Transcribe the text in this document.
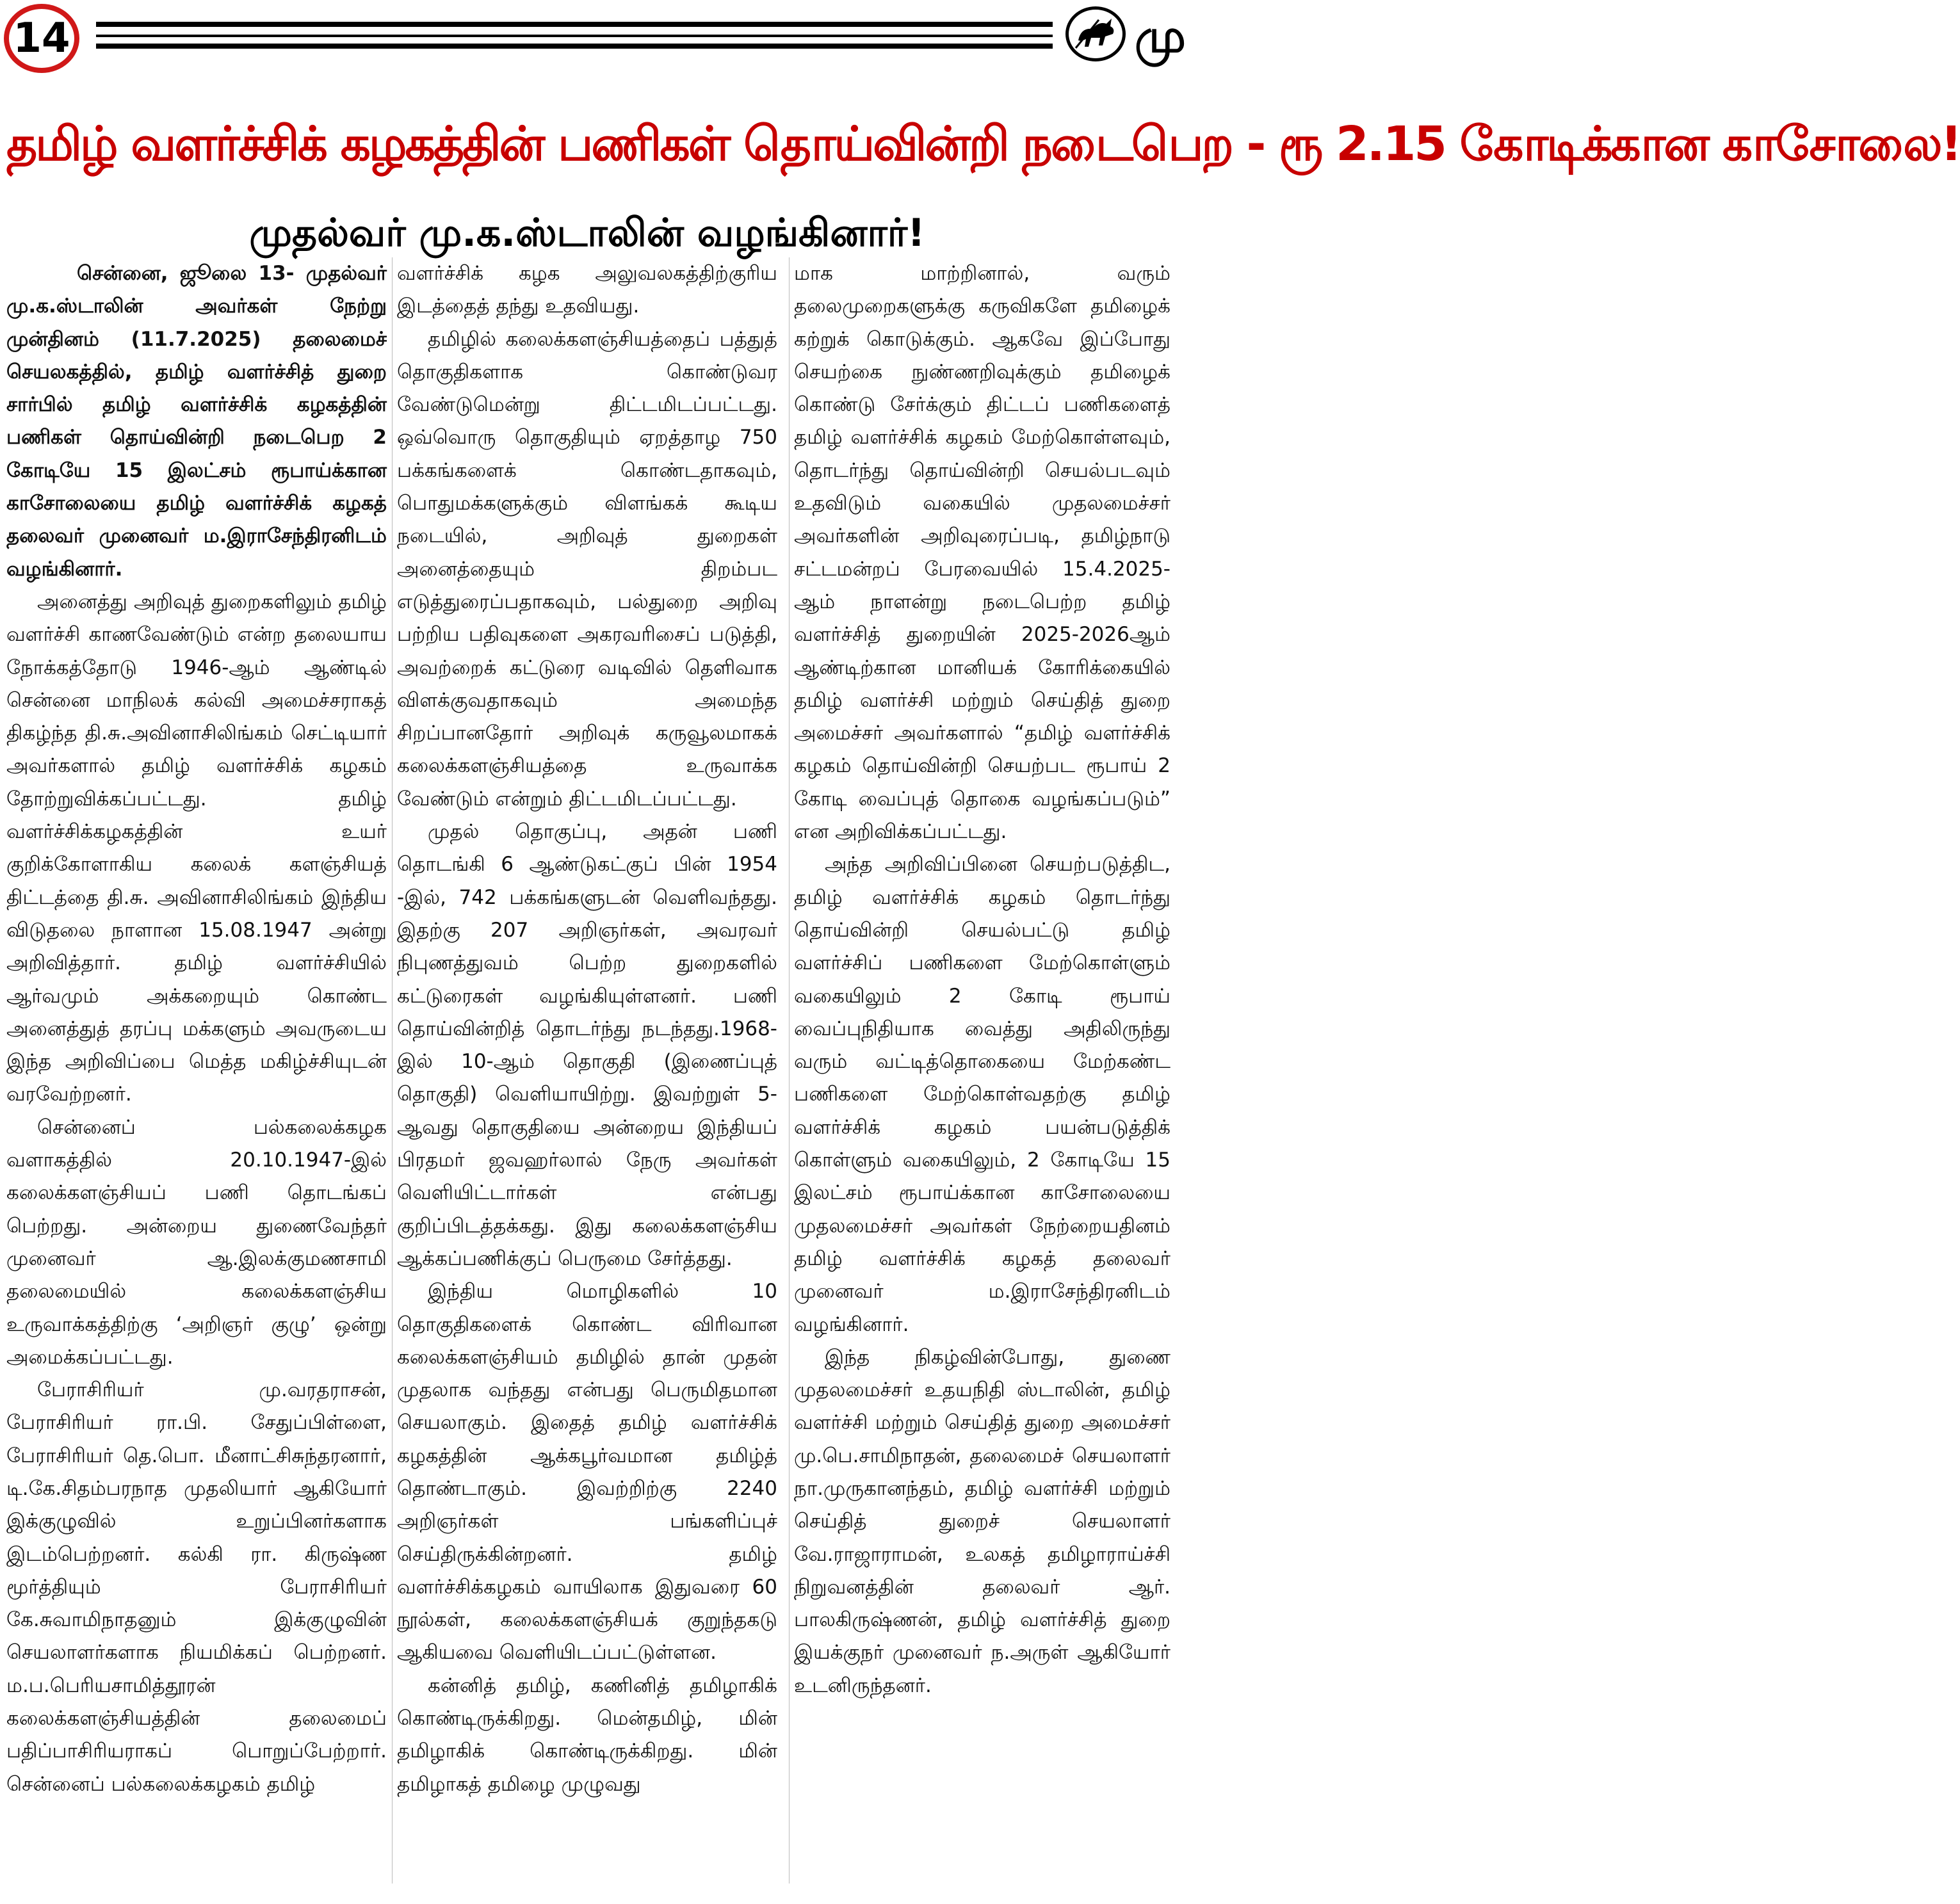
14	மு
தமிழ் வளர்ச்சிக் கழகத்தின் பணிகள் தொய்வின்றி நடைபெற - ரூ 2.15 கோடிக்கான காசோலை!
முதல்வர் மு.க.ஸ்டாலின் வழங்கினார்!

சென்னை, ஜூலை 13- முதல்வர் மு.க.ஸ்டாலின் அவர்கள் நேற்று முன்தினம் (11.7.2025) தலைமைச் செயலகத்தில், தமிழ் வளர்ச்சித் துறை சார்பில் தமிழ் வளர்ச்சிக் கழகத்தின் பணிகள் தொய்வின்றி நடைபெற 2 கோடியே 15 இலட்சம் ரூபாய்க்கான காசோலையை தமிழ் வளர்ச்சிக் கழகத் தலைவர் முனைவர் ம.இராசேந்திரனிடம் வழங்கினார்.

அனைத்து அறிவுத் துறைகளிலும் தமிழ் வளர்ச்சி காணவேண்டும் என்ற தலையாய நோக்கத்தோடு 1946-ஆம் ஆண்டில் சென்னை மாநிலக் கல்வி அமைச்சராகத் திகழ்ந்த தி.சு.அவினாசிலிங்கம் செட்டியார் அவர்களால் தமிழ் வளர்ச்சிக் கழகம் தோற்றுவிக்கப்பட்டது. தமிழ் வளர்ச்சிக்கழகத்தின் உயர் குறிக்கோளாகிய கலைக் களஞ்சியத் திட்டத்தை தி.சு. அவினாசிலிங்கம் இந்திய விடுதலை நாளான 15.08.1947 அன்று அறிவித்தார். தமிழ் வளர்ச்சியில் ஆர்வமும் அக்கறையும் கொண்ட அனைத்துத் தரப்பு மக்களும் அவருடைய இந்த அறிவிப்பை மெத்த மகிழ்ச்சியுடன் வரவேற்றனர்.

சென்னைப் பல்கலைக்கழக வளாகத்தில் 20.10.1947-இல் கலைக்களஞ்சியப் பணி தொடங்கப் பெற்றது. அன்றைய துணைவேந்தர் முனைவர் ஆ.இலக்குமணசாமி தலைமையில் கலைக்களஞ்சிய உருவாக்கத்திற்கு ‘அறிஞர் குழு’ ஒன்று அமைக்கப்பட்டது.

பேராசிரியர் மு.வரதராசன், பேராசிரியர் ரா.பி. சேதுப்பிள்ளை, பேராசிரியர் தெ.பொ. மீனாட்சிசுந்தரனார், டி.கே.சிதம்பரநாத முதலியார் ஆகியோர் இக்குழுவில் உறுப்பினர்களாக இடம்பெற்றனர். கல்கி ரா. கிருஷ்ண மூர்த்தியும் பேராசிரியர் கே.சுவாமிநாதனும் இக்குழுவின் செயலாளர்களாக நியமிக்கப் பெற்றனர். ம.ப.பெரியசாமித்தூரன் கலைக்களஞ்சியத்தின் தலைமைப் பதிப்பாசிரியராகப் பொறுப்பேற்றார். சென்னைப் பல்கலைக்கழகம் தமிழ்

வளர்ச்சிக் கழக அலுவலகத்திற்குரிய இடத்தைத் தந்து உதவியது.

தமிழில் கலைக்களஞ்சியத்தைப் பத்துத் தொகுதிகளாக கொண்டுவர வேண்டுமென்று திட்டமிடப்பட்டது. ஒவ்வொரு தொகுதியும் ஏறத்தாழ 750 பக்கங்களைக் கொண்டதாகவும், பொதுமக்களுக்கும் விளங்கக் கூடிய நடையில், அறிவுத் துறைகள் அனைத்தையும் திறம்பட எடுத்துரைப்பதாகவும், பல்துறை அறிவு பற்றிய பதிவுகளை அகரவரிசைப் படுத்தி, அவற்றைக் கட்டுரை வடிவில் தெளிவாக விளக்குவதாகவும் அமைந்த சிறப்பானதோர் அறிவுக் கருவூலமாகக் கலைக்களஞ்சியத்தை உருவாக்க வேண்டும் என்றும் திட்டமிடப்பட்டது.

முதல் தொகுப்பு, அதன் பணி தொடங்கி 6 ஆண்டுகட்குப் பின் 1954 -இல், 742 பக்கங்களுடன் வெளிவந்தது. இதற்கு 207 அறிஞர்கள், அவரவர் நிபுணத்துவம் பெற்ற துறைகளில் கட்டுரைகள் வழங்கியுள்ளனர். பணி தொய்வின்றித் தொடர்ந்து நடந்தது.1968-இல் 10-ஆம் தொகுதி (இணைப்புத் தொகுதி) வெளியாயிற்று. இவற்றுள் 5-ஆவது தொகுதியை அன்றைய இந்தியப் பிரதமர் ஜவஹர்லால் நேரு அவர்கள் வெளியிட்டார்கள் என்பது குறிப்பிடத்தக்கது. இது கலைக்களஞ்சிய ஆக்கப்பணிக்குப் பெருமை சேர்த்தது.

இந்திய மொழிகளில் 10 தொகுதிகளைக் கொண்ட விரிவான கலைக்களஞ்சியம் தமிழில் தான் முதன் முதலாக வந்தது என்பது பெருமிதமான செயலாகும். இதைத் தமிழ் வளர்ச்சிக் கழகத்தின் ஆக்கபூர்வமான தமிழ்த் தொண்டாகும். இவற்றிற்கு 2240 அறிஞர்கள் பங்களிப்புச் செய்திருக்கின்றனர். தமிழ் வளர்ச்சிக்கழகம் வாயிலாக இதுவரை 60 நூல்கள், கலைக்களஞ்சியக் குறுந்தகடு ஆகியவை வெளியிடப்பட்டுள்ளன.

கன்னித் தமிழ், கணினித் தமிழாகிக் கொண்டிருக்கிறது. மென்தமிழ், மின் தமிழாகிக் கொண்டிருக்கிறது. மின் தமிழாகத் தமிழை முழுவது

மாக மாற்றினால், வரும் தலைமுறைகளுக்கு கருவிகளே தமிழைக் கற்றுக் கொடுக்கும். ஆகவே இப்போது செயற்கை நுண்ணறிவுக்கும் தமிழைக் கொண்டு சேர்க்கும் திட்டப் பணிகளைத் தமிழ் வளர்ச்சிக் கழகம் மேற்கொள்ளவும், தொடர்ந்து தொய்வின்றி செயல்படவும் உதவிடும் வகையில் முதலமைச்சர் அவர்களின் அறிவுரைப்படி, தமிழ்நாடு சட்டமன்றப் பேரவையில் 15.4.2025-ஆம் நாளன்று நடைபெற்ற தமிழ் வளர்ச்சித் துறையின் 2025-2026ஆம் ஆண்டிற்கான மானியக் கோரிக்கையில் தமிழ் வளர்ச்சி மற்றும் செய்தித் துறை அமைச்சர் அவர்களால் “தமிழ் வளர்ச்சிக் கழகம் தொய்வின்றி செயற்பட ரூபாய் 2 கோடி வைப்புத் தொகை வழங்கப்படும்” என அறிவிக்கப்பட்டது.

அந்த அறிவிப்பினை செயற்படுத்திட, தமிழ் வளர்ச்சிக் கழகம் தொடர்ந்து தொய்வின்றி செயல்பட்டு தமிழ் வளர்ச்சிப் பணிகளை மேற்கொள்ளும் வகையிலும் 2 கோடி ரூபாய் வைப்புநிதியாக வைத்து அதிலிருந்து வரும் வட்டித்தொகையை மேற்கண்ட பணிகளை மேற்கொள்வதற்கு தமிழ் வளர்ச்சிக் கழகம் பயன்படுத்திக் கொள்ளும் வகையிலும், 2 கோடியே 15 இலட்சம் ரூபாய்க்கான காசோலையை முதலமைச்சர் அவர்கள் நேற்றையதினம் தமிழ் வளர்ச்சிக் கழகத் தலைவர் முனைவர் ம.இராசேந்திரனிடம் வழங்கினார்.

இந்த நிகழ்வின்போது, துணை முதலமைச்சர் உதயநிதி ஸ்டாலின், தமிழ் வளர்ச்சி மற்றும் செய்தித் துறை அமைச்சர் மு.பெ.சாமிநாதன், தலைமைச் செயலாளர் நா.முருகானந்தம், தமிழ் வளர்ச்சி மற்றும் செய்தித் துறைச் செயலாளர் வே.ராஜாராமன், உலகத் தமிழாராய்ச்சி நிறுவனத்தின் தலைவர் ஆர். பாலகிருஷ்ணன், தமிழ் வளர்ச்சித் துறை இயக்குநர் முனைவர் ந.அருள் ஆகியோர் உடனிருந்தனர்.
